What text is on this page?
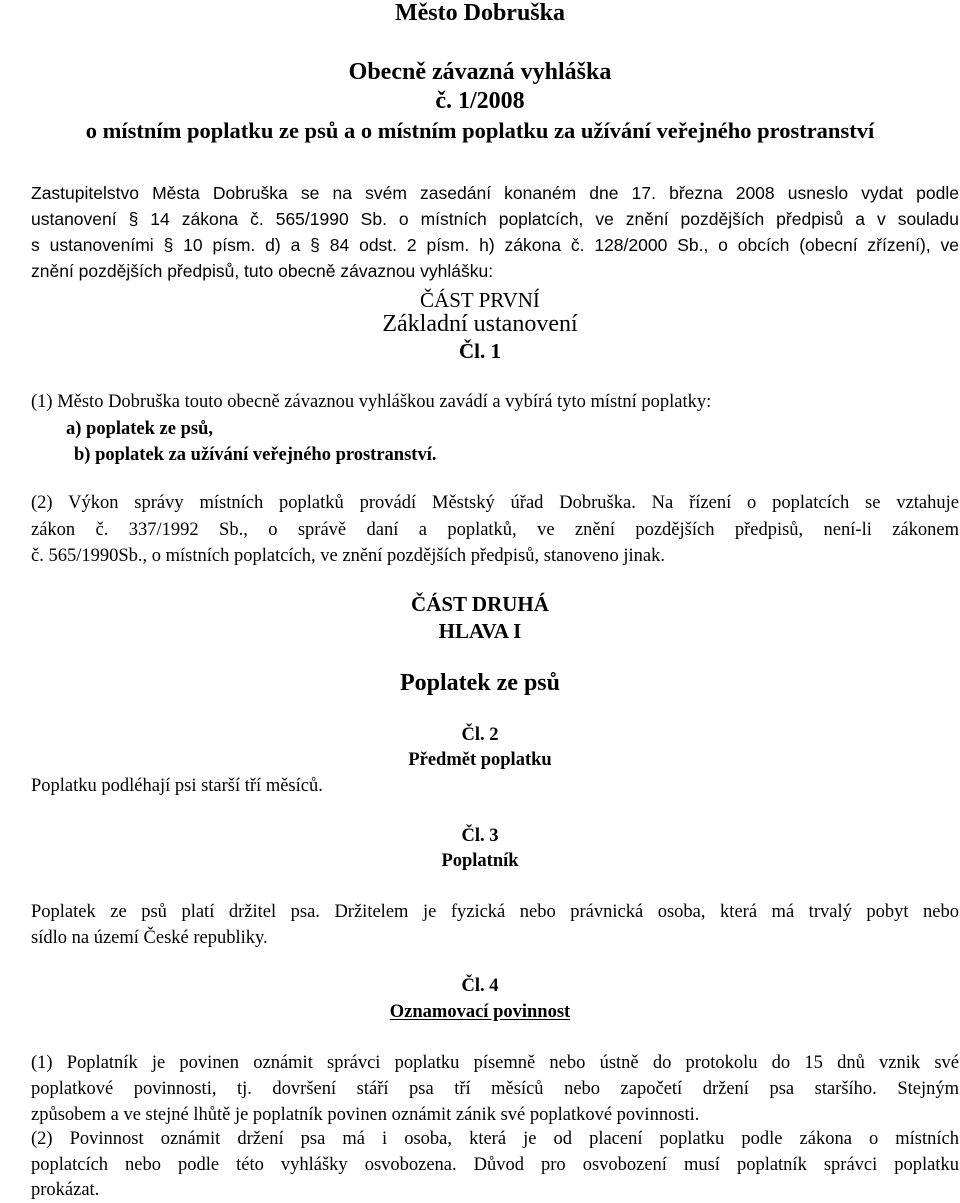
Město Dobruška
Obecně závazná vyhláška
č. 1/2008
o místním poplatku ze psů a o místním poplatku za užívání veřejného prostranství
Zastupitelstvo Města Dobruška se na svém zasedání konaném dne 17. března 2008 usneslo vydat podle
ustanovení § 14 zákona č. 565/1990 Sb. o místních poplatcích, ve znění pozdějších předpisů a v souladu
s ustanoveními § 10 písm. d) a § 84 odst. 2 písm. h) zákona č. 128/2000 Sb., o obcích (obecní zřízení), ve
znění pozdějších předpisů, tuto obecně závaznou vyhlášku:
ČÁST PRVNÍ
Základní ustanovení
Čl. 1
(1) Město Dobruška touto obecně závaznou vyhláškou zavádí a vybírá tyto místní poplatky:
a) poplatek ze psů,
b) poplatek za užívání veřejného prostranství.
(2) Výkon správy místních poplatků provádí Městský úřad Dobruška. Na řízení o poplatcích se vztahuje
zákon č. 337/1992 Sb., o správě daní a poplatků, ve znění pozdějších předpisů, není-li zákonem
č. 565/1990Sb., o místních poplatcích, ve znění pozdějších předpisů, stanoveno jinak.
ČÁST DRUHÁ
HLAVA I
Poplatek ze psů
Čl. 2
Předmět poplatku
Poplatku podléhají psi starší tří měsíců.
Čl. 3
Poplatník
Poplatek ze psů platí držitel psa. Držitelem je fyzická nebo právnická osoba, která má trvalý pobyt nebo
sídlo na území České republiky.
Čl. 4
Oznamovací povinnost
(1) Poplatník je povinen oznámit správci poplatku písemně nebo ústně do protokolu do 15 dnů vznik své
poplatkové povinnosti, tj. dovršení stáří psa tří měsíců nebo započetí držení psa staršího. Stejným
způsobem a ve stejné lhůtě je poplatník povinen oznámit zánik své poplatkové povinnosti.
(2) Povinnost oznámit držení psa má i osoba, která je od placení poplatku podle zákona o místních
poplatcích nebo podle této vyhlášky osvobozena. Důvod pro osvobození musí poplatník správci poplatku
prokázat.
